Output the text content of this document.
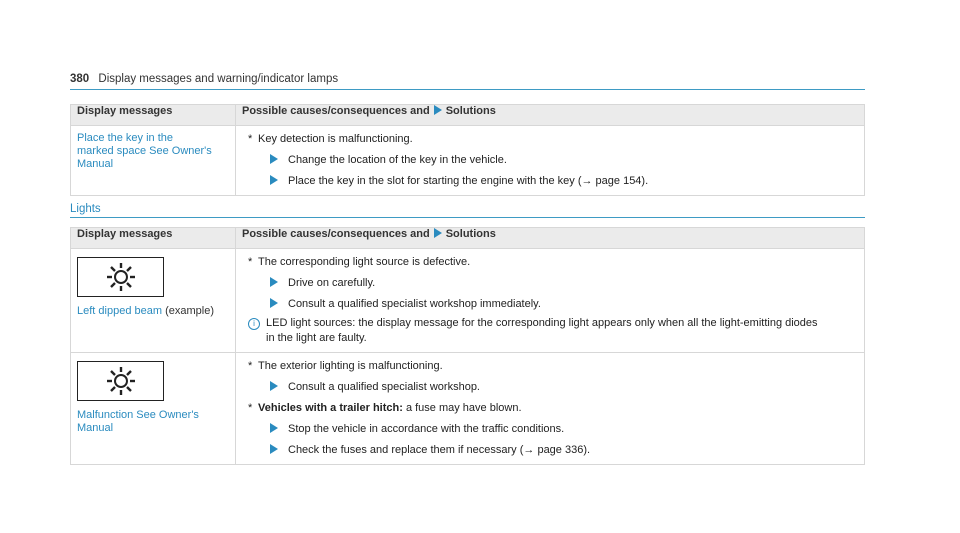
380 Display messages and warning/indicator lamps
Display messages	Possible causes/consequences and Solutions

Place the key in the marked space See Owner's Manual	* Key detection is malfunctioning.
Change the location of the key in the vehicle.
Place the key in the slot for starting the engine with the key (→ page 154).
Lights
Display messages	Possible causes/consequences and Solutions

Left dipped beam (example)	* The corresponding light source is defective.
Drive on carefully.
Consult a qualified specialist workshop immediately.
i LED light sources: the display message for the corresponding light appears only when all the light-emitting diodes
in the light are faulty.

Malfunction See Owner's Manual	* The exterior lighting is malfunctioning.
Consult a qualified specialist workshop.
* Vehicles with a trailer hitch: a fuse may have blown.
Stop the vehicle in accordance with the traffic conditions.
Check the fuses and replace them if necessary (→ page 336).
